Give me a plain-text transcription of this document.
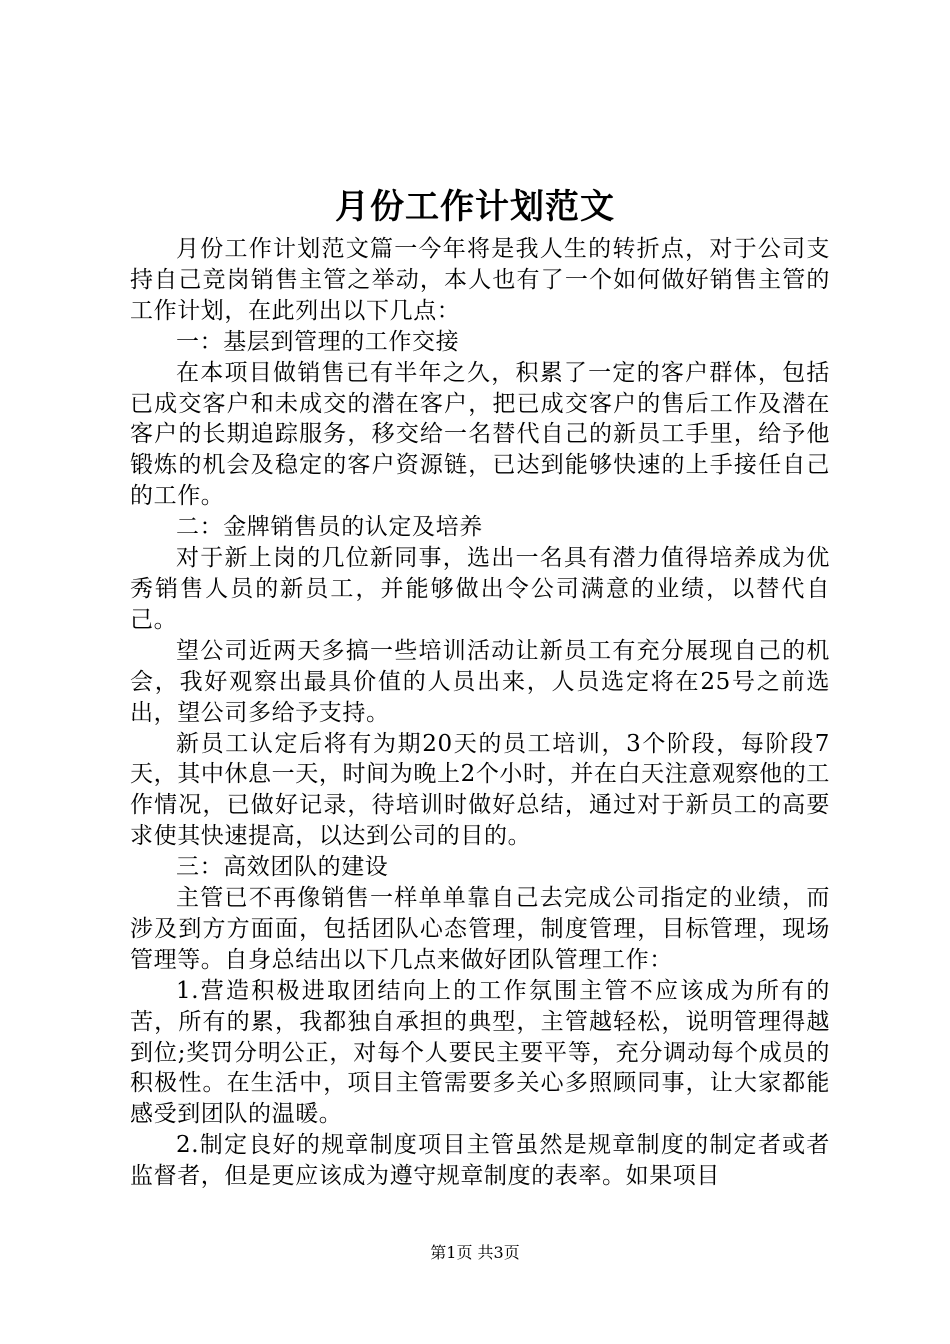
月份工作计划范文

月份工作计划范文篇一今年将是我人生的转折点，对于公司支持自己竞岗销售主管之举动，本人也有了一个如何做好销售主管的工作计划，在此列出以下几点：

一：基层到管理的工作交接

在本项目做销售已有半年之久，积累了一定的客户群体，包括已成交客户和未成交的潜在客户，把已成交客户的售后工作及潜在客户的长期追踪服务，移交给一名替代自己的新员工手里，给予他锻炼的机会及稳定的客户资源链，已达到能够快速的上手接任自己的工作。

二：金牌销售员的认定及培养

对于新上岗的几位新同事，选出一名具有潜力值得培养成为优秀销售人员的新员工，并能够做出令公司满意的业绩，以替代自己。

望公司近两天多搞一些培训活动让新员工有充分展现自己的机会，我好观察出最具价值的人员出来，人员选定将在25号之前选出，望公司多给予支持。

新员工认定后将有为期20天的员工培训，3个阶段，每阶段7天，其中休息一天，时间为晚上2个小时，并在白天注意观察他的工作情况，已做好记录，待培训时做好总结，通过对于新员工的高要求使其快速提高，以达到公司的目的。

三：高效团队的建设

主管已不再像销售一样单单靠自己去完成公司指定的业绩，而涉及到方方面面，包括团队心态管理，制度管理，目标管理，现场管理等。自身总结出以下几点来做好团队管理工作：

1.营造积极进取团结向上的工作氛围主管不应该成为所有的苦，所有的累，我都独自承担的典型，主管越轻松，说明管理得越到位;奖罚分明公正，对每个人要民主要平等，充分调动每个成员的积极性。在生活中，项目主管需要多关心多照顾同事，让大家都能感受到团队的温暖。

2.制定良好的规章制度项目主管虽然是规章制度的制定者或者监督者，但是更应该成为遵守规章制度的表率。如果项目

第1页 共3页
